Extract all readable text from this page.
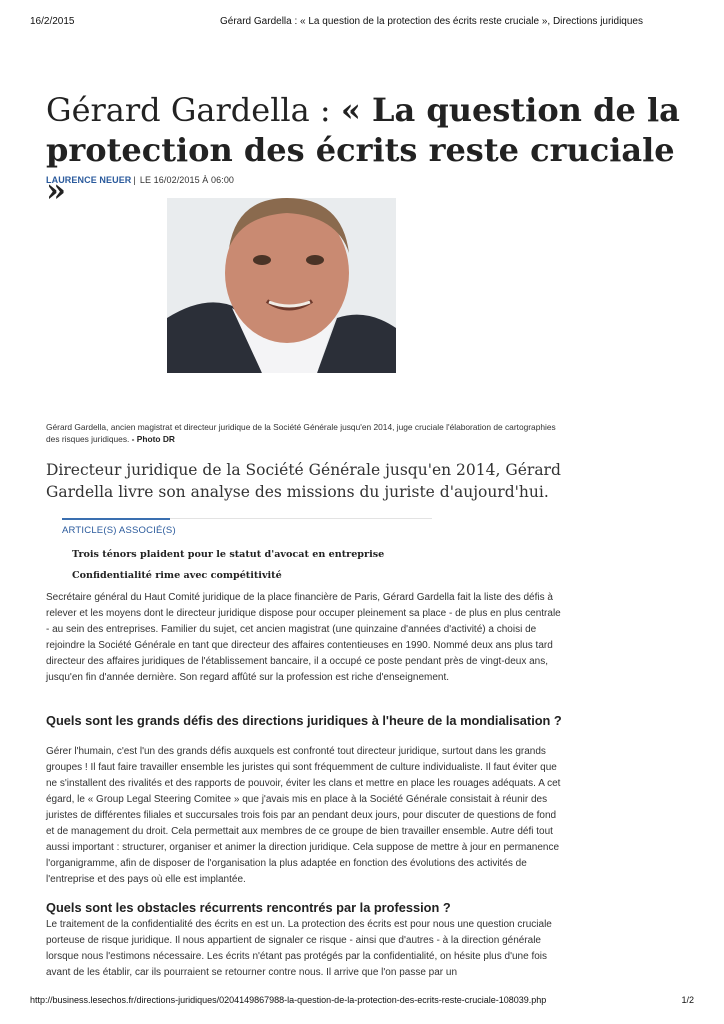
16/2/2015	Gérard Gardella : « La question de la protection des écrits reste cruciale », Directions juridiques
Gérard Gardella : « La question de la protection des écrits reste cruciale »
LAURENCE NEUER | LE 16/02/2015 À 06:00
Gérard Gardella, ancien magistrat et directeur juridique de la Société Générale jusqu'en 2014, juge cruciale l'élaboration de cartographies des risques juridiques. - Photo DR
Directeur juridique de la Société Générale jusqu'en 2014, Gérard Gardella livre son analyse des missions du juriste d'aujourd'hui.
ARTICLE(S) ASSOCIÉ(S)
Trois ténors plaident pour le statut d'avocat en entreprise
Confidentialité rime avec compétitivité

Secrétaire général du Haut Comité juridique de la place financière de Paris, Gérard Gardella fait la liste des défis à relever et les moyens dont le directeur juridique dispose pour occuper pleinement sa place - de plus en plus centrale - au sein des entreprises. Familier du sujet, cet ancien magistrat (une quinzaine d'années d'activité) a choisi de rejoindre la Société Générale en tant que directeur des affaires contentieuses en 1990. Nommé deux ans plus tard directeur des affaires juridiques de l'établissement bancaire, il a occupé ce poste pendant près de vingt-deux ans, jusqu'en fin d'année dernière. Son regard affûté sur la profession est riche d'enseignement.

Quels sont les grands défis des directions juridiques à l'heure de la mondialisation ?

Gérer l'humain, c'est l'un des grands défis auxquels est confronté tout directeur juridique, surtout dans les grands groupes ! Il faut faire travailler ensemble les juristes qui sont fréquemment de culture individualiste. Il faut éviter que ne s'installent des rivalités et des rapports de pouvoir, éviter les clans et mettre en place les rouages adéquats. A cet égard, le « Group Legal Steering Comitee » que j'avais mis en place à la Société Générale consistait à réunir des juristes de différentes filiales et succursales trois fois par an pendant deux jours, pour discuter de questions de fond et de management du droit. Cela permettait aux membres de ce groupe de bien travailler ensemble. Autre défi tout aussi important : structurer, organiser et animer la direction juridique. Cela suppose de mettre à jour en permanence l'organigramme, afin de disposer de l'organisation la plus adaptée en fonction des évolutions des activités de l'entreprise et des pays où elle est implantée.

Quels sont les obstacles récurrents rencontrés par la profession ?

Le traitement de la confidentialité des écrits en est un. La protection des écrits est pour nous une question cruciale porteuse de risque juridique. Il nous appartient de signaler ce risque - ainsi que d'autres - à la direction générale lorsque nous l'estimons nécessaire. Les écrits n'étant pas protégés par la confidentialité, on hésite plus d'une fois avant de les établir, car ils pourraient se retourner contre nous. Il arrive que l'on passe par un

http://business.lesechos.fr/directions-juridiques/0204149867988-la-question-de-la-protection-des-ecrits-reste-cruciale-108039.php	1/2
